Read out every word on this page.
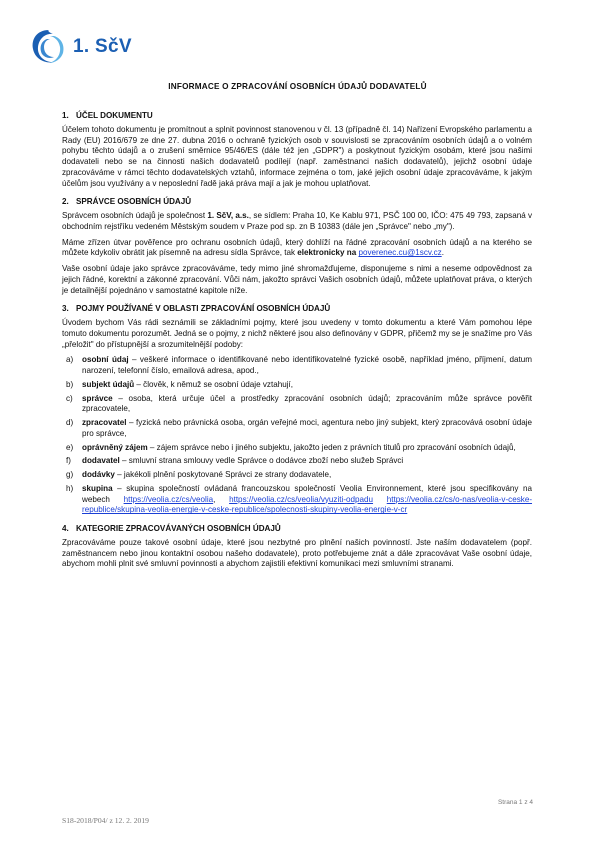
1. SčV
INFORMACE O ZPRACOVÁNÍ OSOBNÍCH ÚDAJŮ DODAVATELŮ
1. ÚČEL DOKUMENTU

Účelem tohoto dokumentu je promítnout a splnit povinnost stanovenou v čl. 13 (případně čl. 14) Nařízení Evropského parlamentu a Rady (EU) 2016/679 ze dne 27. dubna 2016 o ochraně fyzických osob v souvislosti se zpracováním osobních údajů a o volném pohybu těchto údajů a o zrušení směrnice 95/46/ES (dále též jen „GDPR") a poskytnout fyzickým osobám, které jsou našimi dodavateli nebo se na činnosti našich dodavatelů podílejí (např. zaměstnanci našich dodavatelů), jejichž osobní údaje zpracováváme v rámci těchto dodavatelských vztahů, informace zejména o tom, jaké jejich osobní údaje zpracováváme, k jakým účelům jsou využívány a v neposlední řadě jaká práva mají a jak je mohou uplatňovat.

2. SPRÁVCE OSOBNÍCH ÚDAJŮ

Správcem osobních údajů je společnost 1. SčV, a.s., se sídlem: Praha 10, Ke Kablu 971, PSČ 100 00, IČO: 475 49 793, zapsaná v obchodním rejstříku vedeném Městským soudem v Praze pod sp. zn B 10383 (dále jen „Správce" nebo „my").

Máme zřízen útvar pověřence pro ochranu osobních údajů, který dohlíží na řádné zpracování osobních údajů a na kterého se můžete kdykoliv obrátit jak písemně na adresu sídla Správce, tak elektronicky na poverenec.cu@1scv.cz.

Vaše osobní údaje jako správce zpracováváme, tedy mimo jiné shromažďujeme, disponujeme s nimi a neseme odpovědnost za jejich řádné, korektní a zákonné zpracování. Vůči nám, jakožto správci Vašich osobních údajů, můžete uplatňovat práva, o kterých je detailnější pojednáno v samostatné kapitole níže.

3. POJMY POUŽÍVANÉ V OBLASTI ZPRACOVÁNÍ OSOBNÍCH ÚDAJŮ

Úvodem bychom Vás rádi seznámili se základními pojmy, které jsou uvedeny v tomto dokumentu a které Vám pomohou lépe tomuto dokumentu porozumět. Jedná se o pojmy, z nichž některé jsou also definovány v GDPR, přičemž my se je snažíme pro Vás „přeložit" do přístupnější a srozumitelnější podoby:

a)	osobní údaj – veškeré informace o identifikované nebo identifikovatelné fyzické osobě, například jméno, příjmení, datum narození, telefonní číslo, emailová adresa, apod.,
b)	subjekt údajů – člověk, k němuž se osobní údaje vztahují,
c)	správce – osoba, která určuje účel a prostředky zpracování osobních údajů; zpracováním může správce pověřit zpracovatele,
d)	zpracovatel – fyzická nebo právnická osoba, orgán veřejné moci, agentura nebo jiný subjekt, který zpracovává osobní údaje pro správce,
e)	oprávněný zájem – zájem správce nebo i jiného subjektu, jakožto jeden z právních titulů pro zpracování osobních údajů,
f)	dodavatel – smluvní strana smlouvy vedle Správce o dodávce zboží nebo služeb Správci
g)	dodávky – jakékoli plnění poskytované Správci ze strany dodavatele,
h)	skupina – skupina společností ovládaná francouzskou společností Veolia Environnement, které jsou specifikovány na webech https://veolia.cz/cs/veolia, https://veolia.cz/cs/veolia/vyuziti-odpadu https://veolia.cz/cs/o-nas/veolia-v-ceske-republice/skupina-veolia-energie-v-ceske-republice/spolecnosti-skupiny-veolia-energie-v-cr
4. KATEGORIE ZPRACOVÁVANÝCH OSOBNÍCH ÚDAJŮ

Zpracováváme pouze takové osobní údaje, které jsou nezbytné pro plnění našich povinností. Jste naším dodavatelem (popř. zaměstnancem nebo jinou kontaktní osobou našeho dodavatele), proto potřebujeme znát a dále zpracovávat Vaše osobní údaje, abychom mohli plnit své smluvní povinnosti a abychom zajistili efektivní komunikaci mezi smluvními stranami.

Strana 1 z 4
S18-2018/P04/ z 12. 2. 2019
